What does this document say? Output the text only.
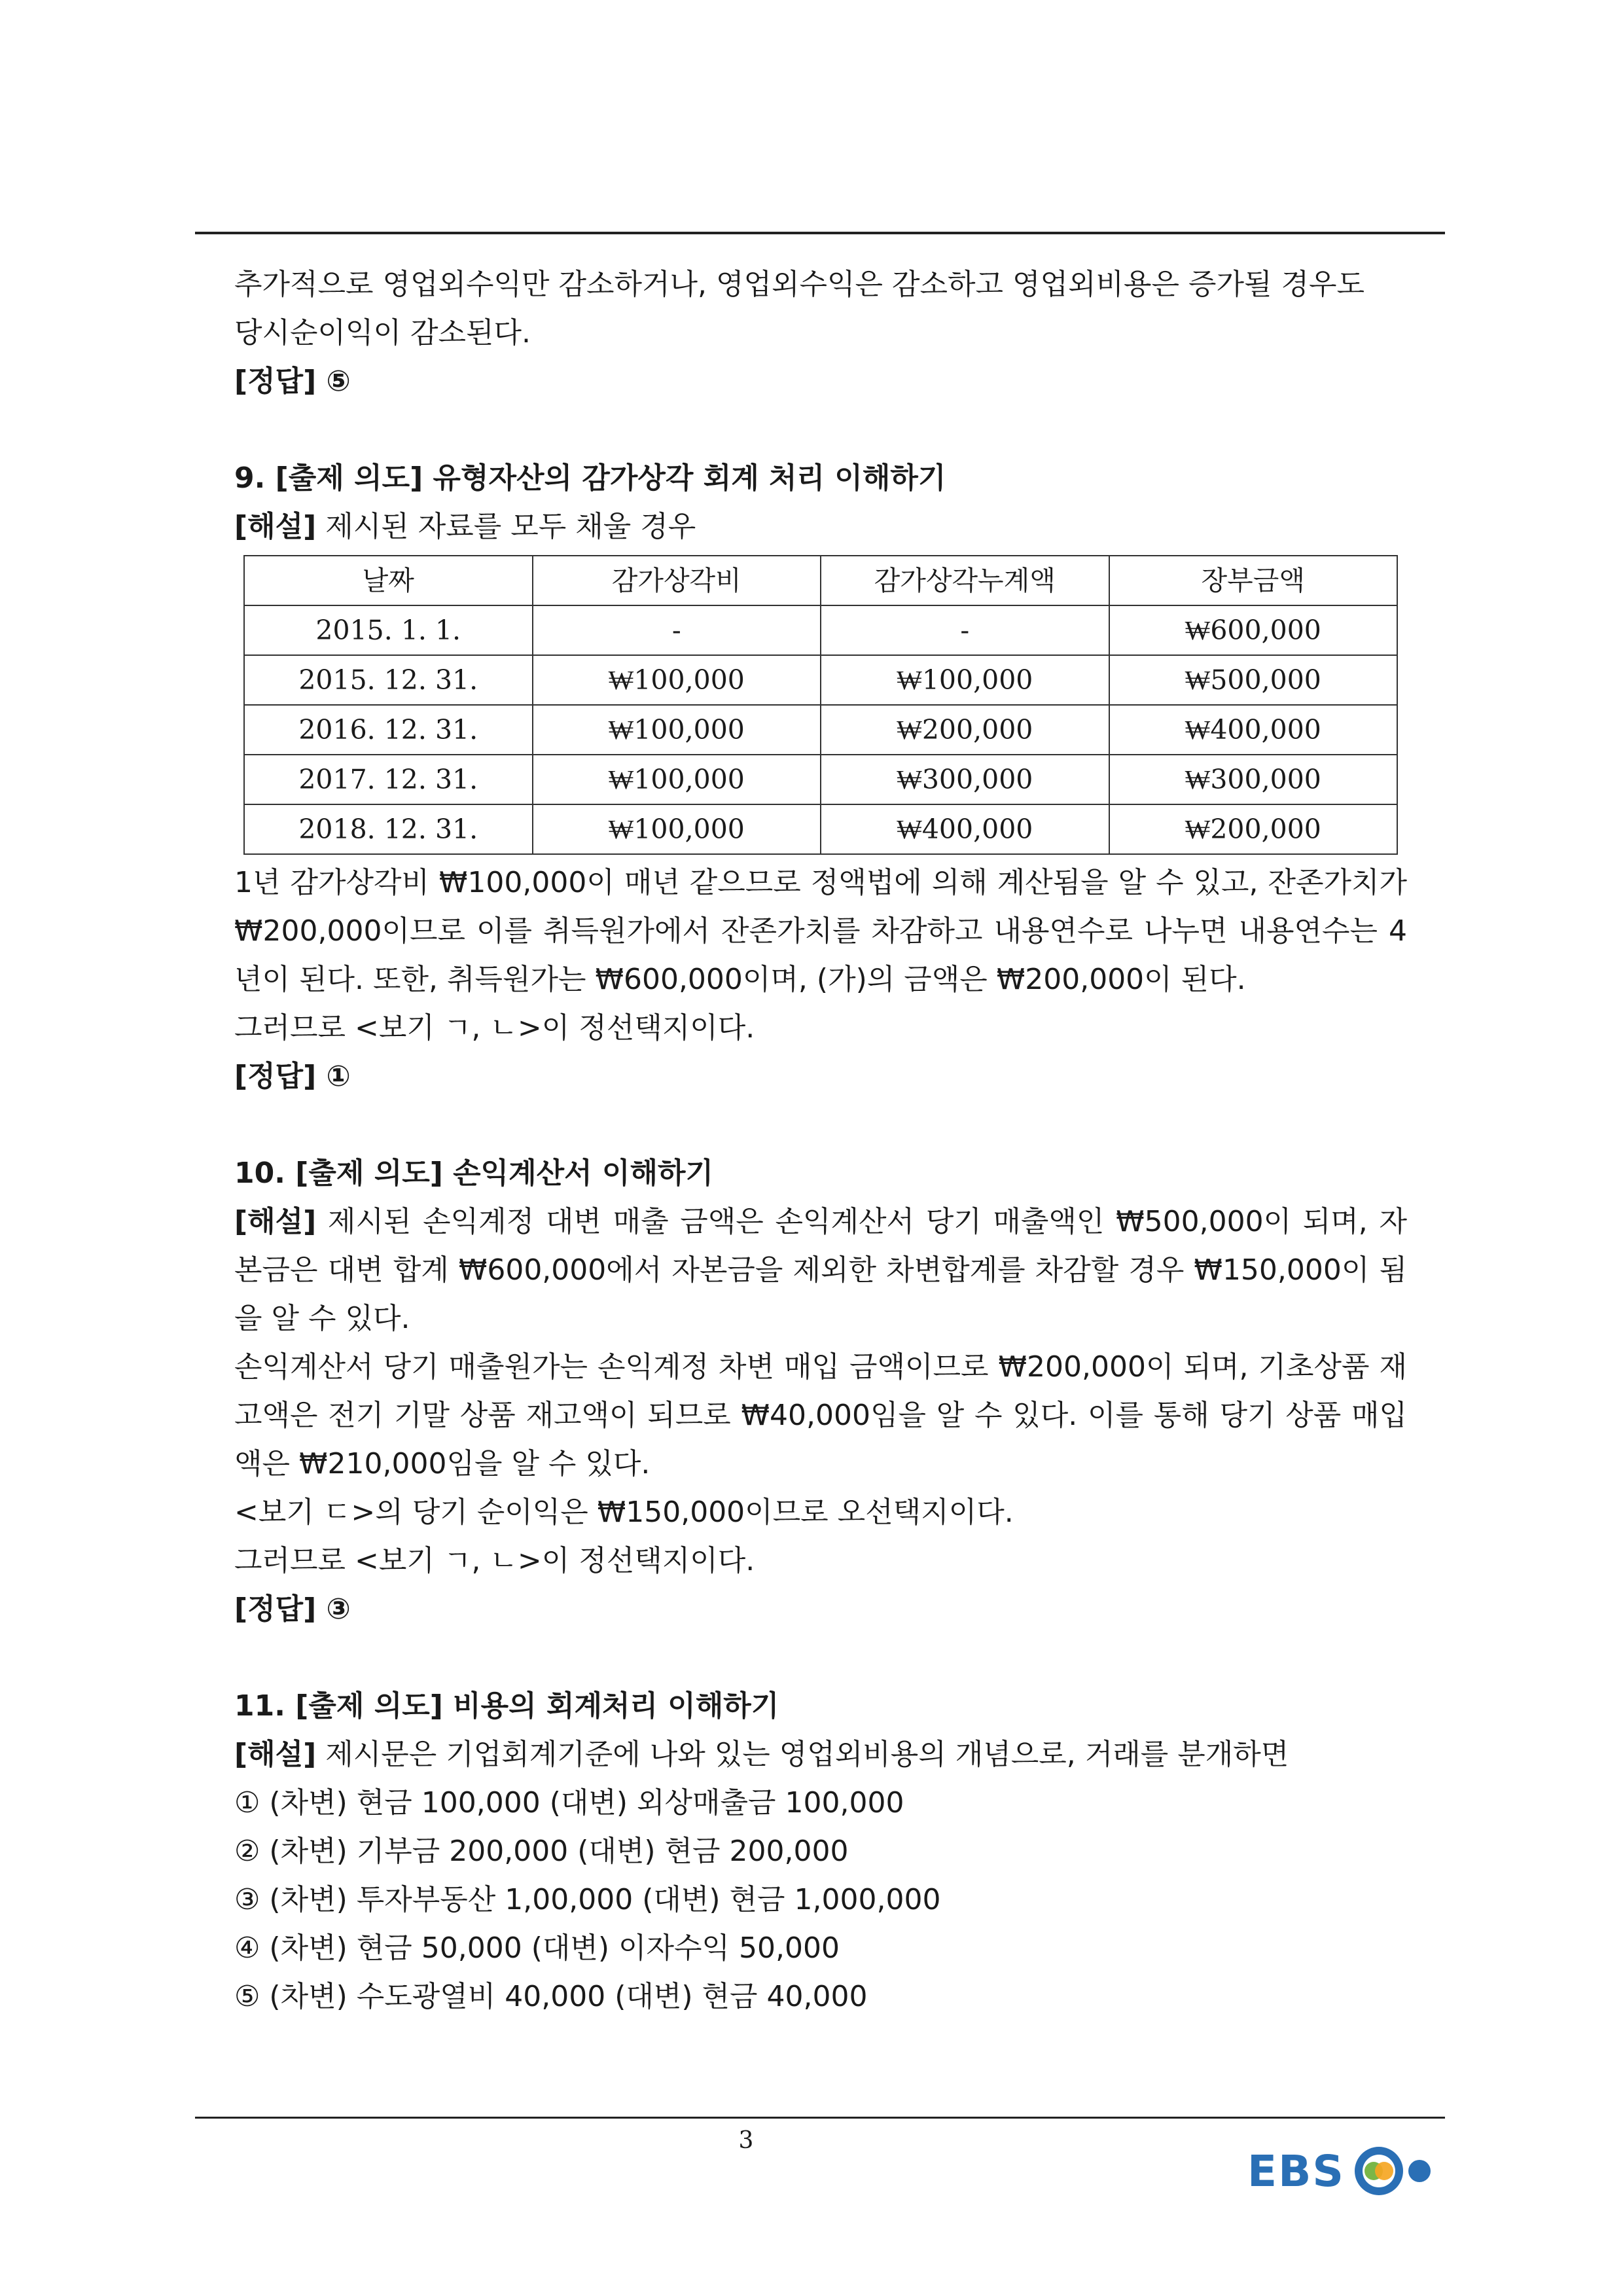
추가적으로 영업외수익만 감소하거나, 영업외수익은 감소하고 영업외비용은 증가될 경우도

당시순이익이 감소된다.

[정답] ⑤

9. [출제 의도] 유형자산의 감가상각 회계 처리 이해하기

[해설] 제시된 자료를 모두 채울 경우

날짜	감가상각비	감가상각누계액	장부금액
2015. 1. 1.	-	-	₩600,000
2015. 12. 31.	₩100,000	₩100,000	₩500,000
2016. 12. 31.	₩100,000	₩200,000	₩400,000
2017. 12. 31.	₩100,000	₩300,000	₩300,000
2018. 12. 31.	₩100,000	₩400,000	₩200,000

1년 감가상각비 ₩100,000이 매년 같으므로 정액법에 의해 계산됨을 알 수 있고, 잔존가치가 ₩200,000이므로 이를 취득원가에서 잔존가치를 차감하고 내용연수로 나누면 내용연수는 4년이 된다. 또한, 취득원가는 ₩600,000이며, (가)의 금액은 ₩200,000이 된다.

그러므로 <보기 ㄱ, ㄴ>이 정선택지이다.

[정답] ①

10. [출제 의도] 손익계산서 이해하기

[해설] 제시된 손익계정 대변 매출 금액은 손익계산서 당기 매출액인 ₩500,000이 되며, 자본금은 대변 합계 ₩600,000에서 자본금을 제외한 차변합계를 차감할 경우 ₩150,000이 됨을 알 수 있다.

손익계산서 당기 매출원가는 손익계정 차변 매입 금액이므로 ₩200,000이 되며, 기초상품 재고액은 전기 기말 상품 재고액이 되므로 ₩40,000임을 알 수 있다. 이를 통해 당기 상품 매입액은 ₩210,000임을 알 수 있다.

<보기 ㄷ>의 당기 순이익은 ₩150,000이므로 오선택지이다.

그러므로 <보기 ㄱ, ㄴ>이 정선택지이다.

[정답] ③

11. [출제 의도] 비용의 회계처리 이해하기

[해설] 제시문은 기업회계기준에 나와 있는 영업외비용의 개념으로, 거래를 분개하면

① (차변) 현금 100,000 (대변) 외상매출금 100,000

② (차변) 기부금 200,000 (대변) 현금 200,000

③ (차변) 투자부동산 1,00,000 (대변) 현금 1,000,000

④ (차변) 현금 50,000 (대변) 이자수익 50,000

⑤ (차변) 수도광열비 40,000 (대변) 현금 40,000

3
EBS
